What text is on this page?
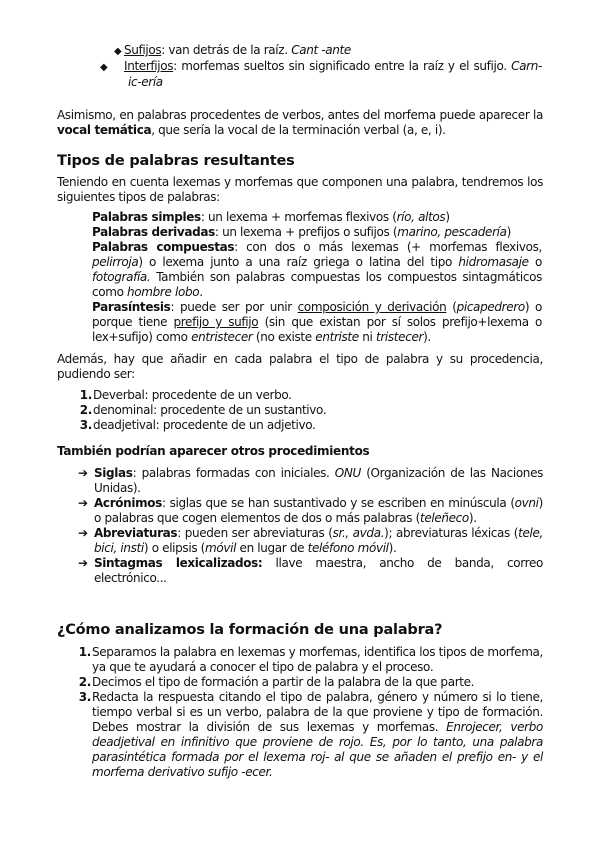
◆ Sufijos: van detrás de la raíz. Cant -ante

◆ Interfijos: morfemas sueltos sin significado entre la raíz y el sufijo. Carn-ic-ería

Asimismo, en palabras procedentes de verbos, antes del morfema puede aparecer la vocal temática, que sería la vocal de la terminación verbal (a, e, i).

Tipos de palabras resultantes

Teniendo en cuenta lexemas y morfemas que componen una palabra, tendremos los siguientes tipos de palabras:

Palabras simples: un lexema + morfemas flexivos (río, altos)

Palabras derivadas: un lexema + prefijos o sufijos (marino, pescadería)

Palabras compuestas: con dos o más lexemas (+ morfemas flexivos, pelirroja) o lexema junto a una raíz griega o latina del tipo hidromasaje o fotografía. También son palabras compuestas los compuestos sintagmáticos como hombre lobo.

Parasíntesis: puede ser por unir composición y derivación (picapedrero) o porque tiene prefijo y sufijo (sin que existan por sí solos prefijo+lexema o lex+sufijo) como entristecer (no existe entriste ni tristecer).

Además, hay que añadir en cada palabra el tipo de palabra y su procedencia, pudiendo ser:

1. Deverbal: procedente de un verbo.
2. denominal: procedente de un sustantivo.
3. deadjetival: procedente de un adjetivo.
También podrían aparecer otros procedimientos

➔ Siglas: palabras formadas con iniciales. ONU (Organización de las Naciones Unidas).

➔ Acrónimos: siglas que se han sustantivado y se escriben en minúscula (ovni) o palabras que cogen elementos de dos o más palabras (teleñeco).

➔ Abreviaturas: pueden ser abreviaturas (sr., avda.); abreviaturas léxicas (tele, bici, insti) o elipsis (móvil en lugar de teléfono móvil).

➔ Sintagmas lexicalizados: llave maestra, ancho de banda, correo electrónico...

¿Cómo analizamos la formación de una palabra?
1. Separamos la palabra en lexemas y morfemas, identifica los tipos de morfema, ya que te ayudará a conocer el tipo de palabra y el proceso.
2. Decimos el tipo de formación a partir de la palabra de la que parte.
3. Redacta la respuesta citando el tipo de palabra, género y número si lo tiene, tiempo verbal si es un verbo, palabra de la que proviene y tipo de formación. Debes mostrar la división de sus lexemas y morfemas. Enrojecer, verbo deadjetival en infinitivo que proviene de rojo. Es, por lo tanto, una palabra parasintética formada por el lexema roj- al que se añaden el prefijo en- y el morfema derivativo sufijo -ecer.
